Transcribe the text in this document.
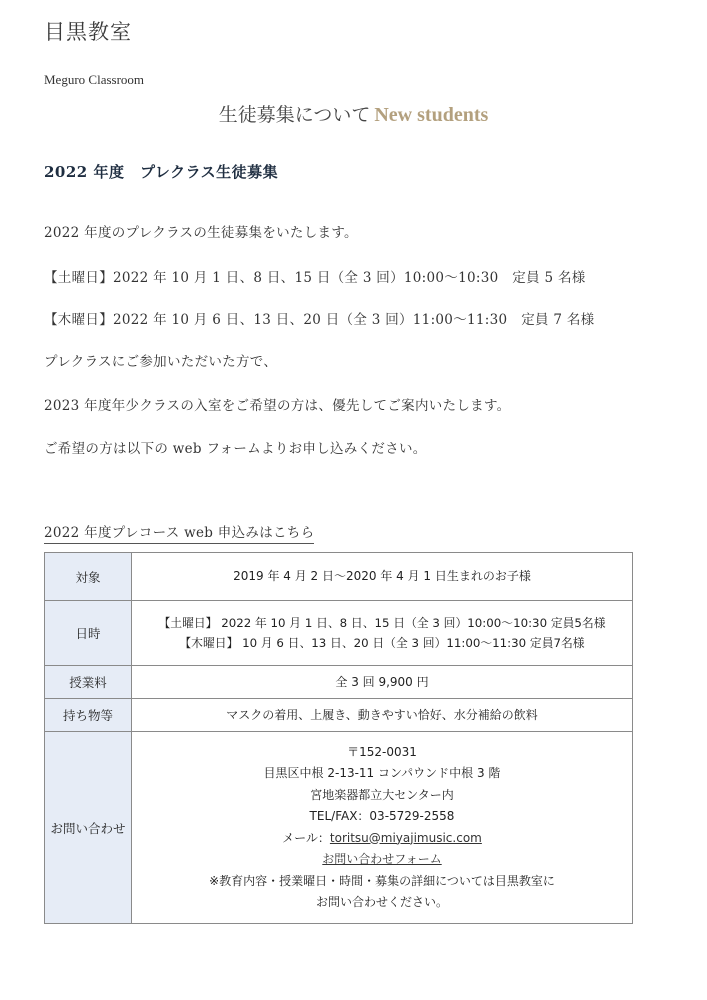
目黒教室
Meguro Classroom
生徒募集について New students
2022 年度　プレクラス生徒募集
2022 年度のプレクラスの生徒募集をいたします。
【土曜日】2022 年 10 月 1 日、8 日、15 日（全 3 回）10:00〜10:30　定員 5 名様
【木曜日】2022 年 10 月 6 日、13 日、20 日（全 3 回）11:00〜11:30　定員 7 名様
プレクラスにご参加いただいた方で、
2023 年度年少クラスの入室をご希望の方は、優先してご案内いたします。
ご希望の方は以下の web フォームよりお申し込みください。
2022 年度プレコース web 申込みはこちら
対象	2019 年 4 月 2 日〜2020 年 4 月 1 日生まれのお子様

日時	【土曜日】 2022 年 10 月 1 日、8 日、15 日（全 3 回）10:00〜10:30 定員5名様
【木曜日】 10 月 6 日、13 日、20 日（全 3 回）11:00〜11:30 定員7名様

授業料	全 3 回 9,900 円

持ち物等	マスクの着用、上履き、動きやすい恰好、水分補給の飲料

お問い合わせ	
〒152-0031
目黒区中根 2-13-11 コンパウンド中根 3 階
宮地楽器都立大センター内
TEL/FAX：03-5729-2558
メール：toritsu@miyajimusic.com
お問い合わせフォーム
※教育内容・授業曜日・時間・募集の詳細については目黒教室に
お問い合わせください。
